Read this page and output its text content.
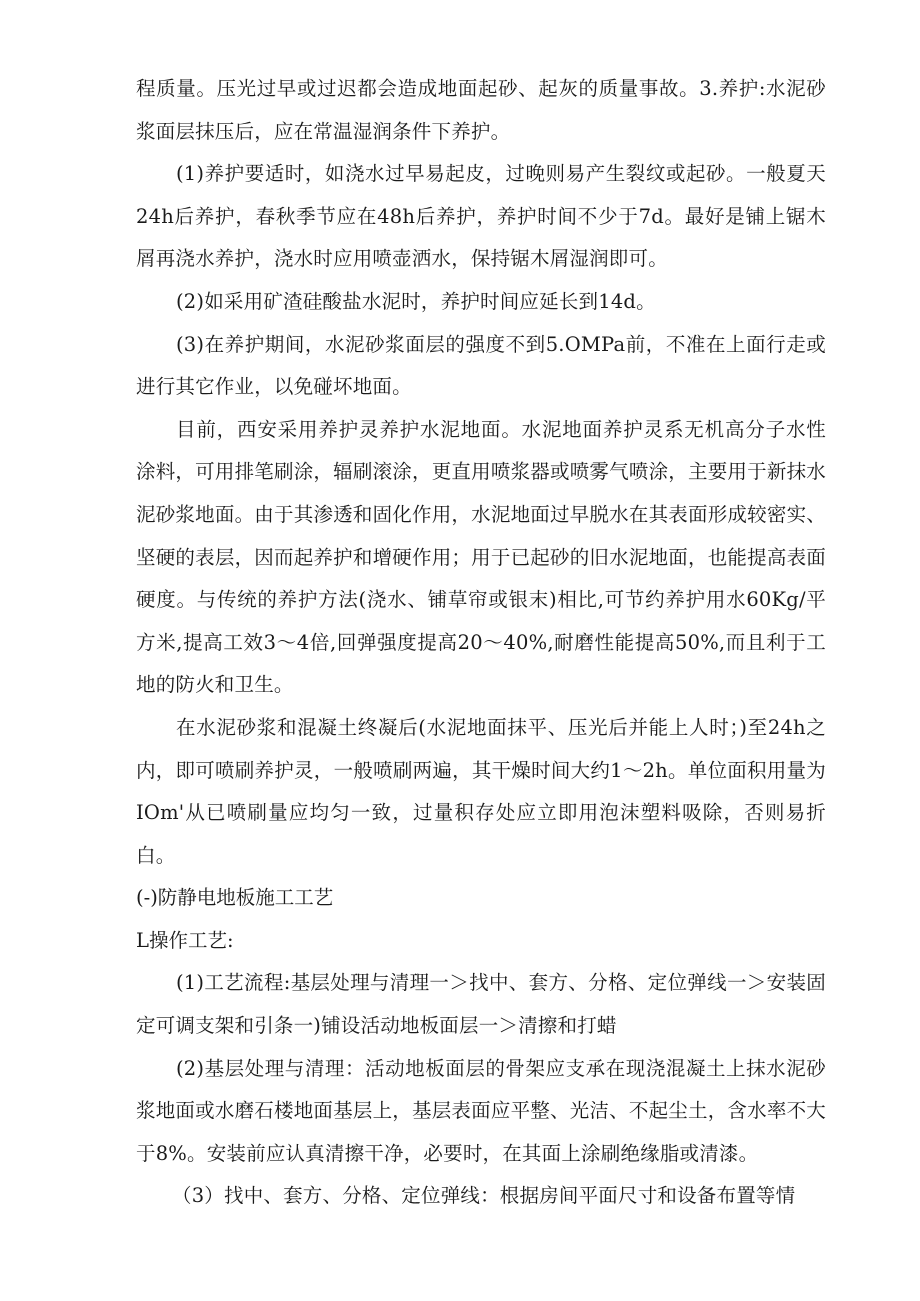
程质量。压光过早或过迟都会造成地面起砂、起灰的质量事故。3.养护:水泥砂浆面层抹压后，应在常温湿润条件下养护。

(1)养护要适时，如浇水过早易起皮，过晚则易产生裂纹或起砂。一般夏天24h后养护，春秋季节应在48h后养护，养护时间不少于7d。最好是铺上锯木屑再浇水养护，浇水时应用喷壶洒水，保持锯木屑湿润即可。

(2)如采用矿渣硅酸盐水泥时，养护时间应延长到14d。

(3)在养护期间，水泥砂浆面层的强度不到5.OMPa前，不准在上面行走或进行其它作业，以免碰坏地面。

目前，西安采用养护灵养护水泥地面。水泥地面养护灵系无机高分子水性涂料，可用排笔刷涂，辐刷滚涂，更直用喷浆器或喷雾气喷涂，主要用于新抹水泥砂浆地面。由于其渗透和固化作用，水泥地面过早脱水在其表面形成较密实、坚硬的表层，因而起养护和增硬作用；用于已起砂的旧水泥地面，也能提高表面硬度。与传统的养护方法(浇水、铺草帘或银末)相比,可节约养护用水60Kg/平方米,提高工效3～4倍,回弹强度提高20～40%,耐磨性能提高50%,而且利于工地的防火和卫生。

在水泥砂浆和混凝土终凝后(水泥地面抹平、压光后并能上人时；)至24h之内，即可喷刷养护灵，一般喷刷两遍，其干燥时间大约1～2h。单位面积用量为IOm'从已喷刷量应均匀一致，过量积存处应立即用泡沫塑料吸除，否则易折白。

(-)防静电地板施工工艺

L操作工艺:

(1)工艺流程:基层处理与清理一＞找中、套方、分格、定位弹线一＞安装固定可调支架和引条一)铺设活动地板面层一＞清擦和打蜡

(2)基层处理与清理：活动地板面层的骨架应支承在现浇混凝土上抹水泥砂浆地面或水磨石楼地面基层上，基层表面应平整、光洁、不起尘土，含水率不大于8%。安装前应认真清擦干净，必要时，在其面上涂刷绝缘脂或清漆。

（3）找中、套方、分格、定位弹线：根据房间平面尺寸和设备布置等情
